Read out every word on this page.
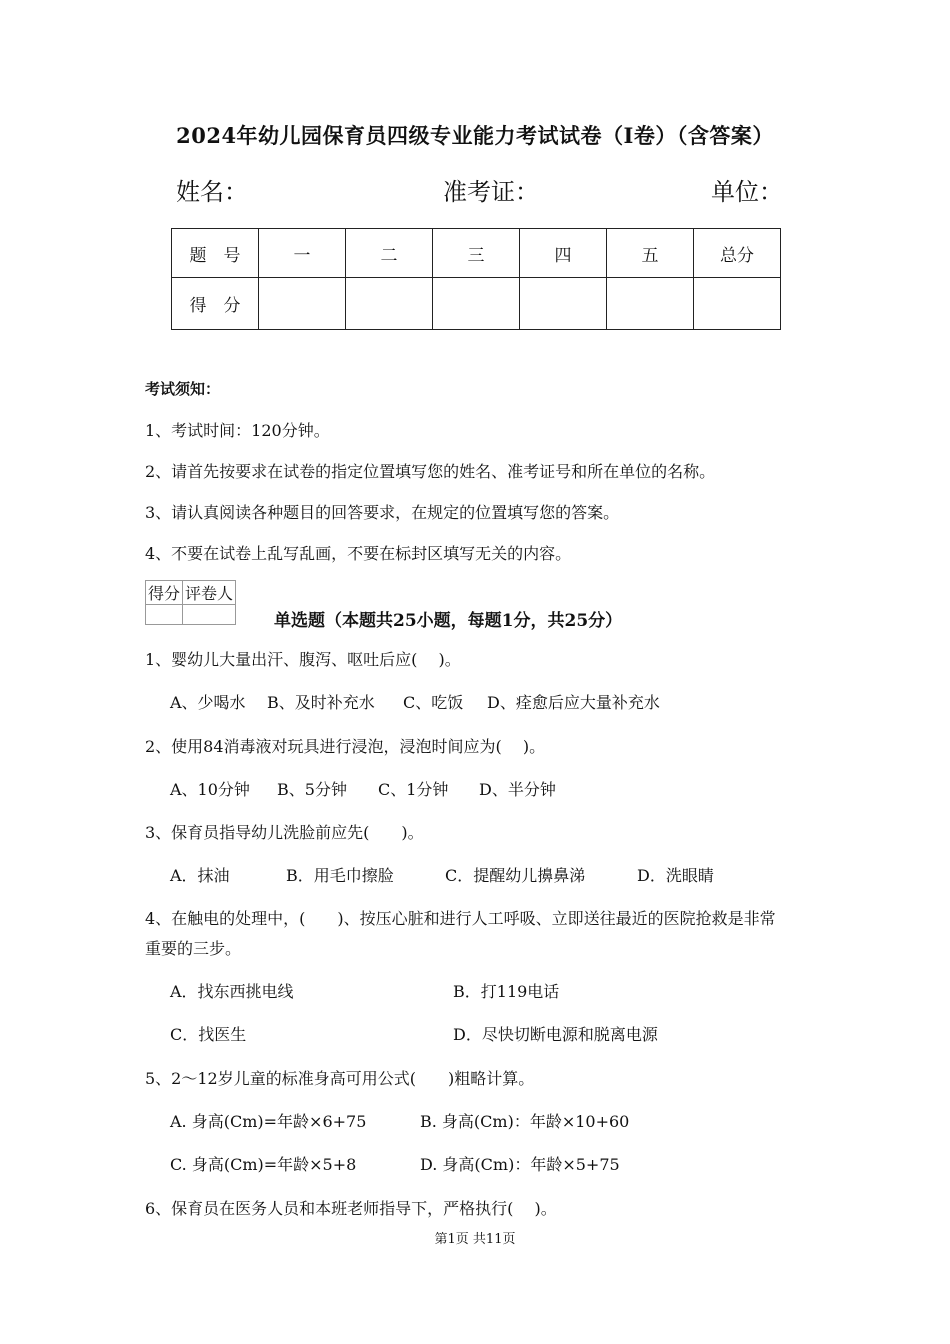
2024年幼儿园保育员四级专业能力考试试卷（I卷）（含答案）
姓名：	准考证：	单位：
题　号	一	二	三	四	五	总分
得　分						
考试须知：
1、考试时间：120分钟。
2、请首先按要求在试卷的指定位置填写您的姓名、准考证号和所在单位的名称。
3、请认真阅读各种题目的回答要求，在规定的位置填写您的答案。
4、不要在试卷上乱写乱画，不要在标封区填写无关的内容。
得分	评卷人

单选题（本题共25小题，每题1分，共25分）
1、婴幼儿大量出汗、腹泻、呕吐后应(　 )。
A、少喝水 B、及时补充水 C、吃饭 D、痊愈后应大量补充水
2、使用84消毒液对玩具进行浸泡，浸泡时间应为(　 )。
A、10分钟 B、5分钟 C、1分钟 D、半分钟
3、保育员指导幼儿洗脸前应先(　　)。
A．抹油	B．用毛巾擦脸	C．提醒幼儿擤鼻涕	D．洗眼睛
4、在触电的处理中，(　　)、按压心脏和进行人工呼吸、立即送往最近的医院抢救是非常
重要的三步。
A．找东西挑电线	B．打119电话
C．找医生	D．尽快切断电源和脱离电源
5、2～12岁儿童的标准身高可用公式(　　)粗略计算。
A. 身高(Cm)=年龄×6+75	B. 身高(Cm)：年龄×10+60
C. 身高(Cm)=年龄×5+8	D. 身高(Cm)：年龄×5+75
6、保育员在医务人员和本班老师指导下，严格执行(　 )。
第1页 共11页
